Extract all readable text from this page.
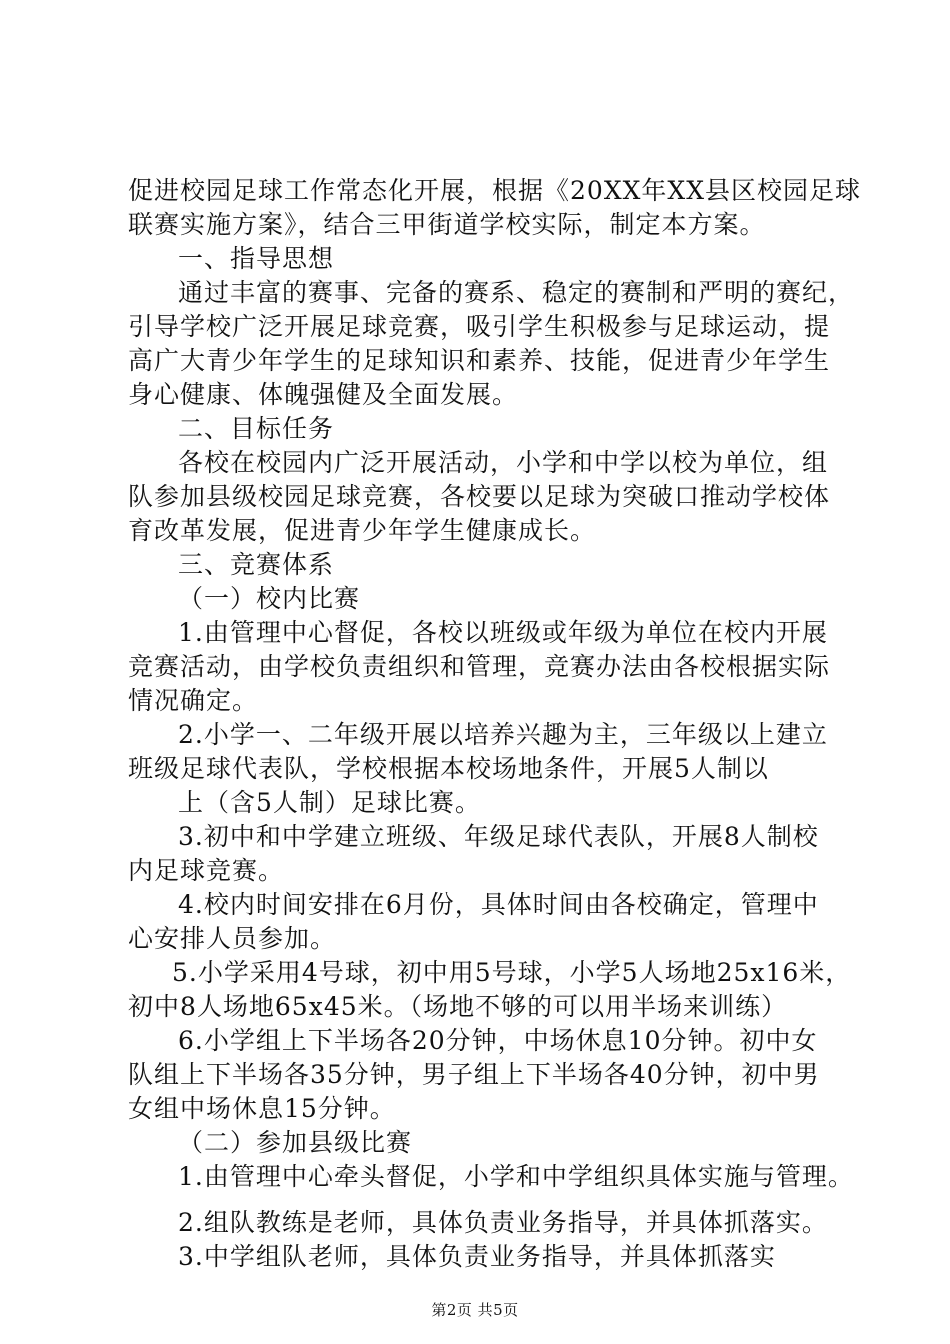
促进校园足球工作常态化开展，根据《20XX年XX县区校园足球
联赛实施方案》，结合三甲街道学校实际，制定本方案。
一、指导思想
通过丰富的赛事、完备的赛系、稳定的赛制和严明的赛纪，
引导学校广泛开展足球竞赛，吸引学生积极参与足球运动，提
高广大青少年学生的足球知识和素养、技能，促进青少年学生
身心健康、体魄强健及全面发展。
二、目标任务
各校在校园内广泛开展活动，小学和中学以校为单位，组
队参加县级校园足球竞赛，各校要以足球为突破口推动学校体
育改革发展，促进青少年学生健康成长。
三、竞赛体系
（一）校内比赛
1.由管理中心督促，各校以班级或年级为单位在校内开展
竞赛活动，由学校负责组织和管理，竞赛办法由各校根据实际
情况确定。
2.小学一、二年级开展以培养兴趣为主，三年级以上建立
班级足球代表队，学校根据本校场地条件，开展5人制以
上（含5人制）足球比赛。
3.初中和中学建立班级、年级足球代表队，开展8人制校
内足球竞赛。
4.校内时间安排在6月份，具体时间由各校确定，管理中
心安排人员参加。
5.小学采用4号球，初中用5号球，小学5人场地25x16米，
初中8人场地65x45米。（场地不够的可以用半场来训练）
6.小学组上下半场各20分钟，中场休息10分钟。初中女
队组上下半场各35分钟，男子组上下半场各40分钟，初中男
女组中场休息15分钟。
（二）参加县级比赛
1.由管理中心牵头督促，小学和中学组织具体实施与管理。
2.组队教练是老师，具体负责业务指导，并具体抓落实。
3.中学组队老师，具体负责业务指导，并具体抓落实
第2页 共5页
